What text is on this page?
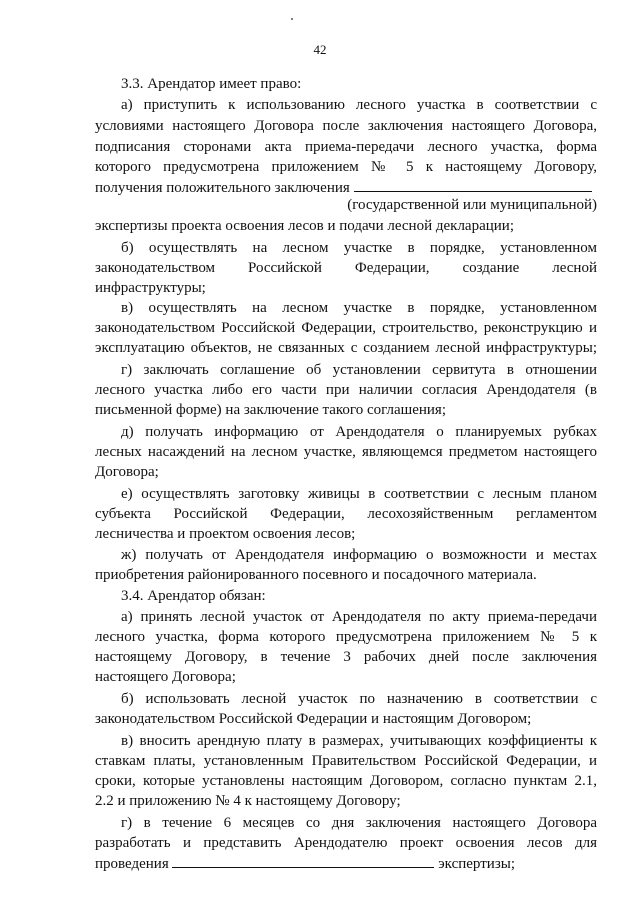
42
3.3. Арендатор имеет право:
а) приступить к использованию лесного участка в соответствии с
условиями настоящего Договора после заключения настоящего Договора,
подписания сторонами акта приема-передачи лесного участка, форма
которого предусмотрена приложением № 5 к настоящему Договору,
получения положительного заключения
(государственной или муниципальной)
экспертизы проекта освоения лесов и подачи лесной декларации;
б) осуществлять на лесном участке в порядке, установленном
законодательством Российской Федерации, создание лесной
инфраструктуры;
в) осуществлять на лесном участке в порядке, установленном
законодательством Российской Федерации, строительство, реконструкцию и
эксплуатацию объектов, не связанных с созданием лесной инфраструктуры;
г) заключать соглашение об установлении сервитута в отношении
лесного участка либо его части при наличии согласия Арендодателя (в
письменной форме) на заключение такого соглашения;
д) получать информацию от Арендодателя о планируемых рубках
лесных насаждений на лесном участке, являющемся предметом настоящего
Договора;
е) осуществлять заготовку живицы в соответствии с лесным планом
субъекта Российской Федерации, лесохозяйственным регламентом
лесничества и проектом освоения лесов;
ж) получать от Арендодателя информацию о возможности и местах
приобретения районированного посевного и посадочного материала.
3.4. Арендатор обязан:
а) принять лесной участок от Арендодателя по акту приема-передачи
лесного участка, форма которого предусмотрена приложением № 5 к
настоящему Договору, в течение 3 рабочих дней после заключения
настоящего Договора;
б) использовать лесной участок по назначению в соответствии с
законодательством Российской Федерации и настоящим Договором;
в) вносить арендную плату в размерах, учитывающих коэффициенты к
ставкам платы, установленным Правительством Российской Федерации, и
сроки, которые установлены настоящим Договором, согласно пунктам 2.1,
2.2 и приложению № 4 к настоящему Договору;
г) в течение 6 месяцев со дня заключения настоящего Договора
разработать и представить Арендодателю проект освоения лесов для
проведения	экспертизы;
